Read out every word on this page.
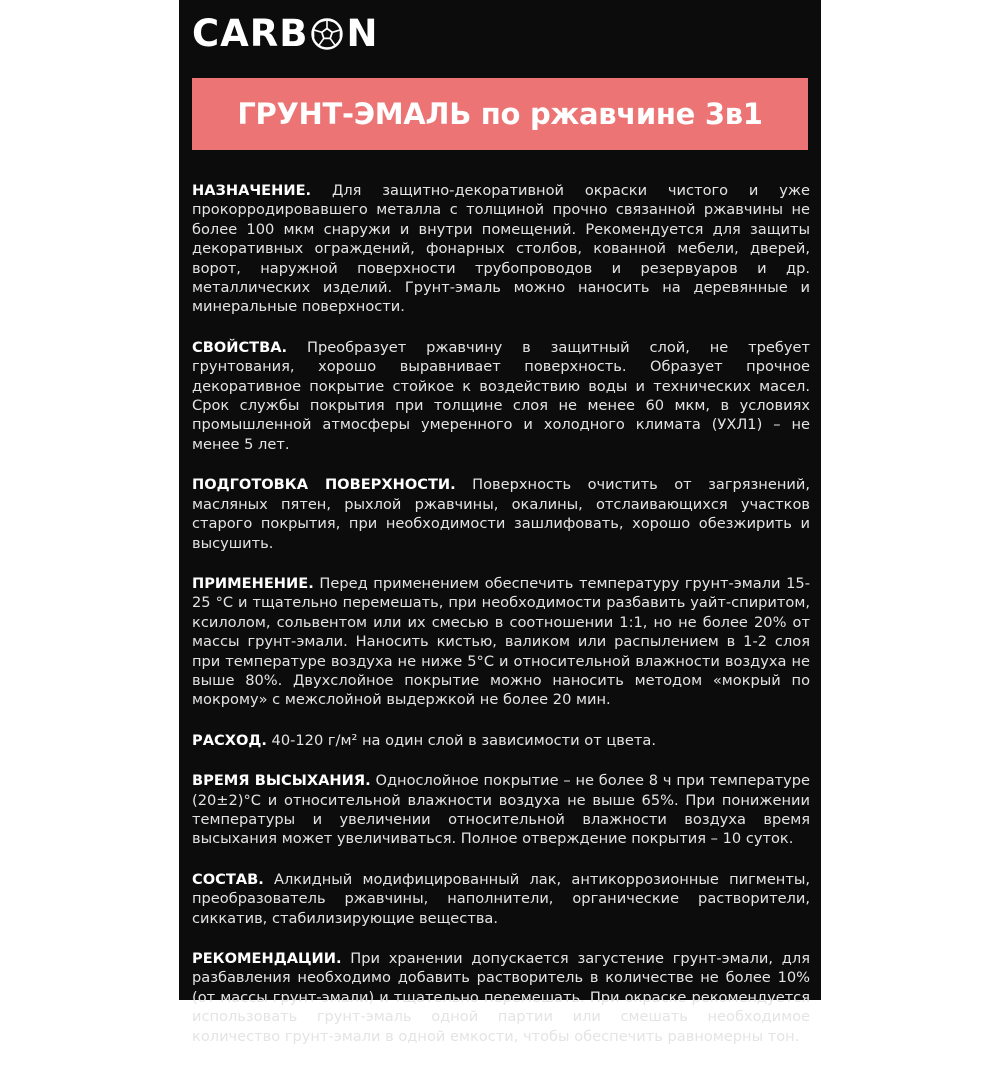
CARB N
ГРУНТ-ЭМАЛЬ по ржавчине 3в1

НАЗНАЧЕНИЕ. Для защитно-декоративной окраски чистого и уже прокорродировавшего металла с толщиной прочно связанной ржавчины не более 100 мкм снаружи и внутри помещений. Рекомендуется для защиты декоративных ограждений, фонарных столбов, кованной мебели, дверей, ворот, наружной поверхности трубопроводов и резервуаров и др. металлических изделий. Грунт-эмаль можно наносить на деревянные и минеральные поверхности.

СВОЙСТВА. Преобразует ржавчину в защитный слой, не требует грунтования, хорошо выравнивает поверхность. Образует прочное декоративное покрытие стойкое к воздействию воды и технических масел. Срок службы покрытия при толщине слоя не менее 60 мкм, в условиях промышленной атмосферы умеренного и холодного климата (УХЛ1) – не менее 5 лет.

ПОДГОТОВКА ПОВЕРХНОСТИ. Поверхность очистить от загрязнений, масляных пятен, рыхлой ржавчины, окалины, отслаивающихся участков старого покрытия, при необходимости зашлифовать, хорошо обезжирить и высушить.

ПРИМЕНЕНИЕ. Перед применением обеспечить температуру грунт-эмали 15-25 °С и тщательно перемешать, при необходимости разбавить уайт-спиритом, ксилолом, сольвентом или их смесью в соотношении 1:1, но не более 20% от массы грунт-эмали. Наносить кистью, валиком или распылением в 1-2 слоя при температуре воздуха не ниже 5°С и относительной влажности воздуха не выше 80%. Двухслойное покрытие можно наносить методом «мокрый по мокрому» с межслойной выдержкой не более 20 мин.

РАСХОД. 40-120 г/м² на один слой в зависимости от цвета.

ВРЕМЯ ВЫСЫХАНИЯ. Однослойное покрытие – не более 8 ч при температуре (20±2)°С и относительной влажности воздуха не выше 65%. При понижении температуры и увеличении относительной влажности воздуха время высыхания может увеличиваться. Полное отверждение покрытия – 10 суток.

СОСТАВ. Алкидный модифицированный лак, антикоррозионные пигменты, преобразователь ржавчины, наполнители, органические растворители, сиккатив, стабилизирующие вещества.

РЕКОМЕНДАЦИИ. При хранении допускается загустение грунт-эмали, для разбавления необходимо добавить растворитель в количестве не более 10% (от массы грунт-эмали) и тщательно перемешать. При окраске рекомендуется использовать грунт-эмаль одной партии или смешать необходимое количество грунт-эмали в одной емкости, чтобы обеспечить равномерны тон.
